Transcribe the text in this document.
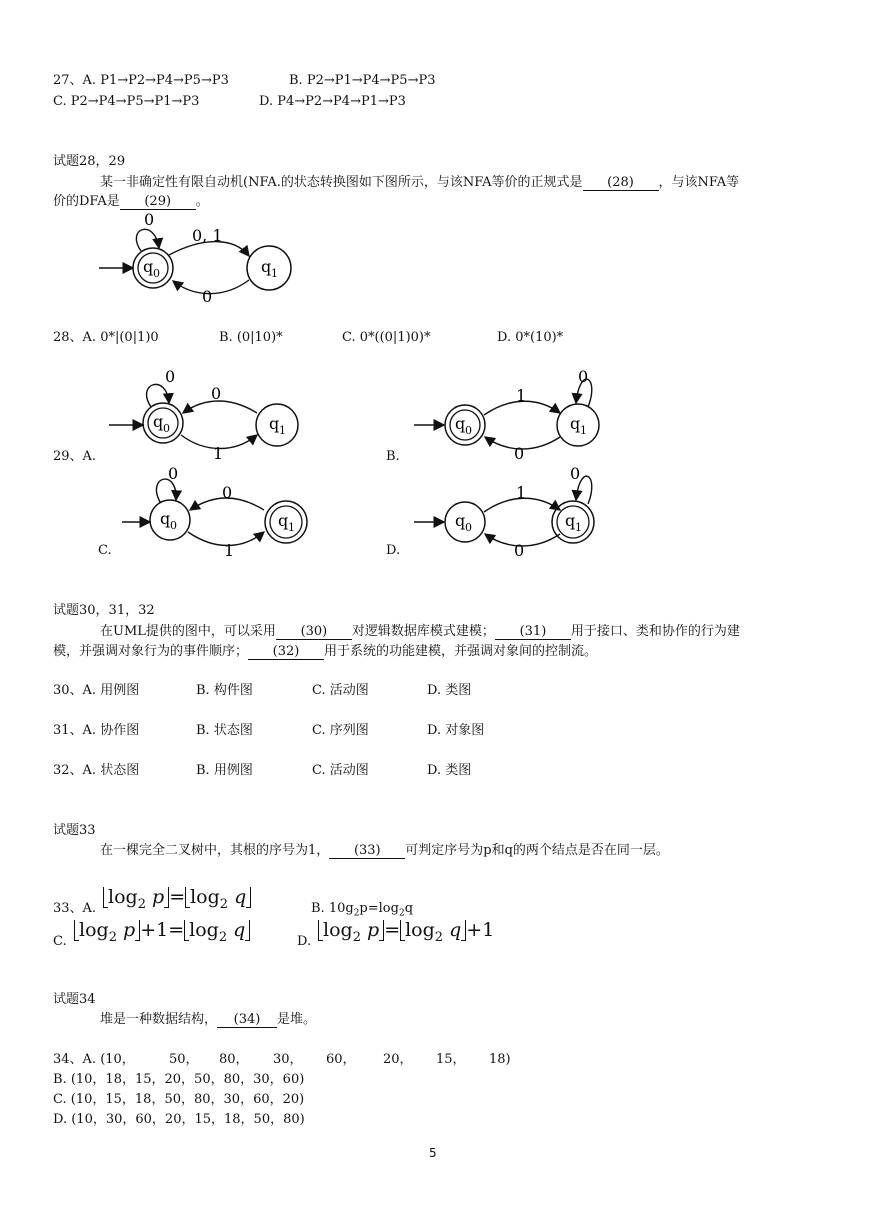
27、A. P1→P2→P4→P5→P3	B. P2→P1→P4→P5→P3
C. P2→P4→P5→P1→P3	D. P4→P2→P4→P1→P3
试题28，29
某一非确定性有限自动机(NFA.的状态转换图如下图所示，与该NFA等价的正规式是 (28) ，与该NFA等
价的DFA是 (29) 。
0
0, 1
0
q 0	q 1
28、A. 0*|(0|1)0	B. (0|10)*	C. 0*((0|1)0)*	D. 0*(10)*
29、A.	B.
C.	D.
0
0
1
q 0	q 1
0
1
0
q 0	q 1
0
0
1
q 0	q 1
0
1
0
q 0	q 1
试题30，31，32
在UML提供的图中，可以采用 (30) 对逻辑数据库模式建模； (31) 用于接口、类和协作的行为建
模，并强调对象行为的事件顺序； (32) 用于系统的功能建模，并强调对象间的控制流。
30、A. 用例图	B. 构件图	C. 活动图	D. 类图
31、A. 协作图	B. 状态图	C. 序列图	D. 对象图
32、A. 状态图	B. 用例图	C. 活动图	D. 类图
试题33
在一棵完全二叉树中，其根的序号为1， (33) 可判定序号为p和q的两个结点是否在同一层。
33、A.
$\log_2 p = \log_2 q$
B. $10g_2p=\log_2q$
C.
$\log_2 p +1= \log_2 q$
D.
$\log_2 p = \log_2 q +1$
试题34
堆是一种数据结构， (34) 是堆。
34、A. (10，	50， 80， 30， 60， 20， 15， 18)
B. (10，18，15，20，50，80，30，60)
C. (10，15，18，50，80，30，60，20)
D. (10，30，60，20，15，18，50，80)
5
